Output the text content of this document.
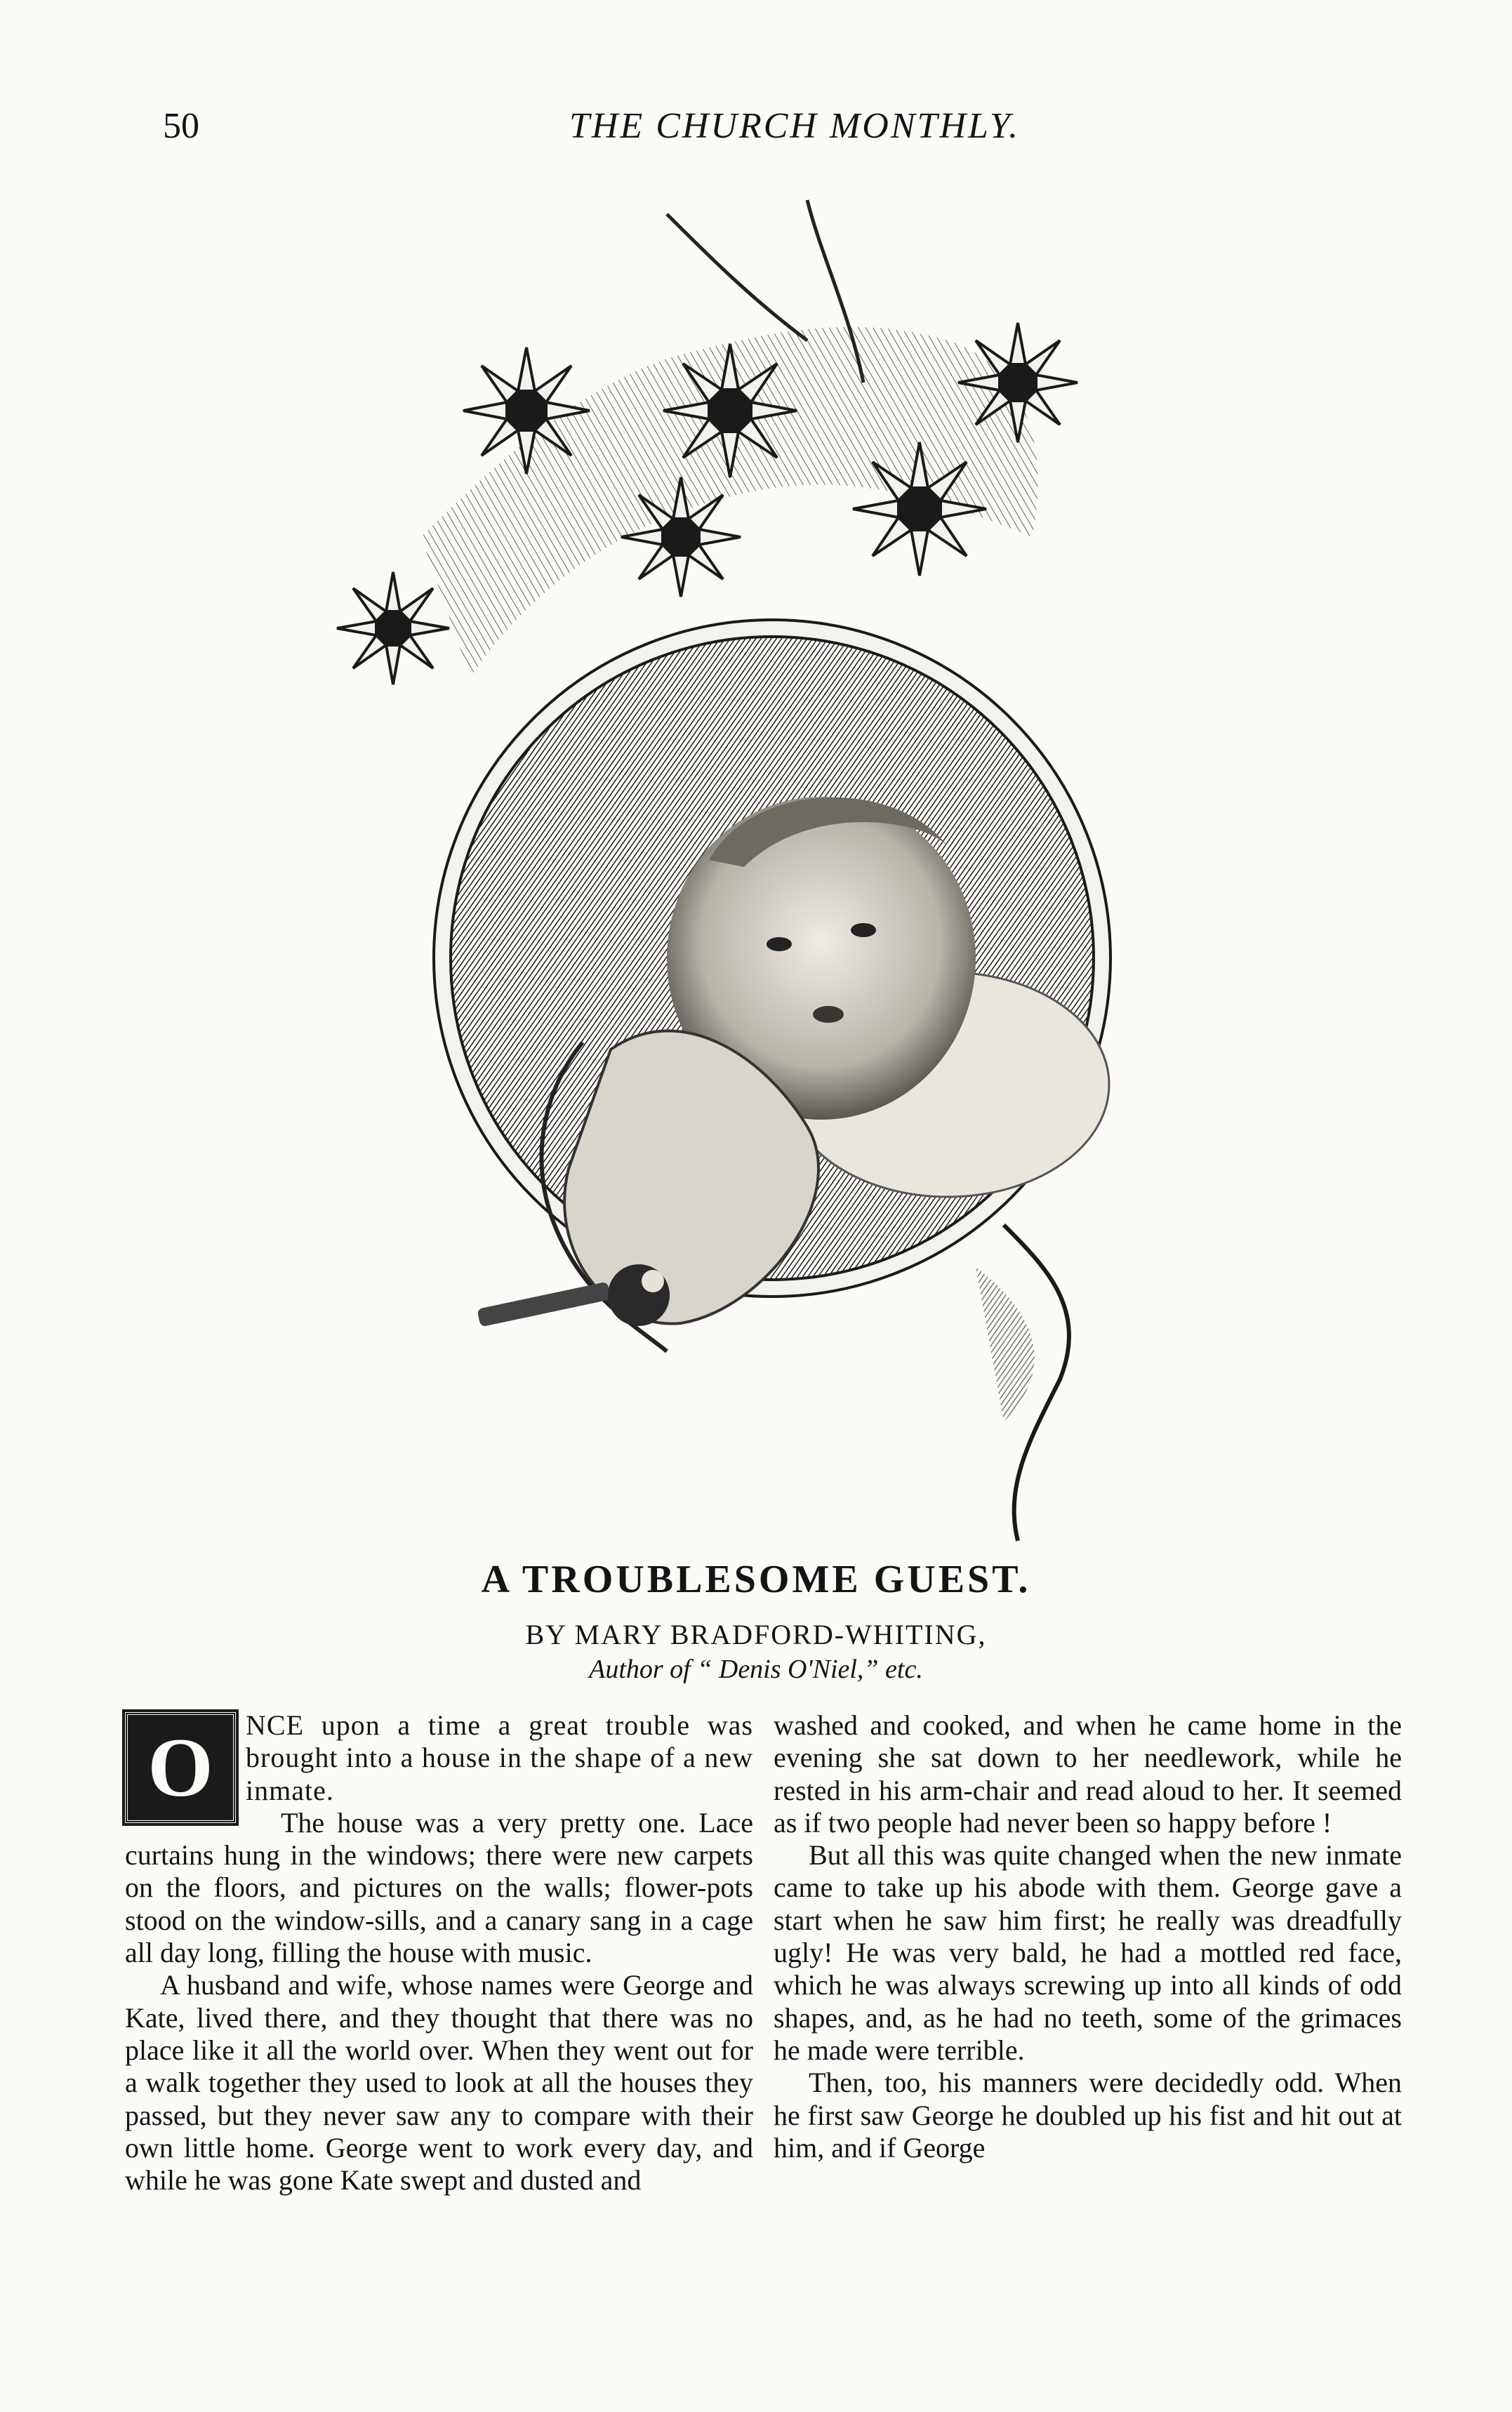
50	THE CHURCH MONTHLY.
A TROUBLESOME GUEST.
BY MARY BRADFORD-WHITING,
Author of “ Denis O'Niel,” etc.

O	NCE upon a time a great trouble was brought into a house in the shape of a new inmate.

The house was a very pretty one. Lace curtains hung in the windows; there were new carpets on the floors, and pictures on the walls; flower-pots stood on the window-sills, and a canary sang in a cage all day long, filling the house with music.

A husband and wife, whose names were George and Kate, lived there, and they thought that there was no place like it all the world over. When they went out for a walk together they used to look at all the houses they passed, but they never saw any to compare with their own little home. George went to work every day, and while he was gone Kate swept and dusted and

washed and cooked, and when he came home in the evening she sat down to her needlework, while he rested in his arm-chair and read aloud to her. It seemed as if two people had never been so happy before !

But all this was quite changed when the new inmate came to take up his abode with them. George gave a start when he saw him first; he really was dreadfully ugly! He was very bald, he had a mottled red face, which he was always screwing up into all kinds of odd shapes, and, as he had no teeth, some of the grimaces he made were terrible.

Then, too, his manners were decidedly odd. When he first saw George he doubled up his fist and hit out at him, and if George
